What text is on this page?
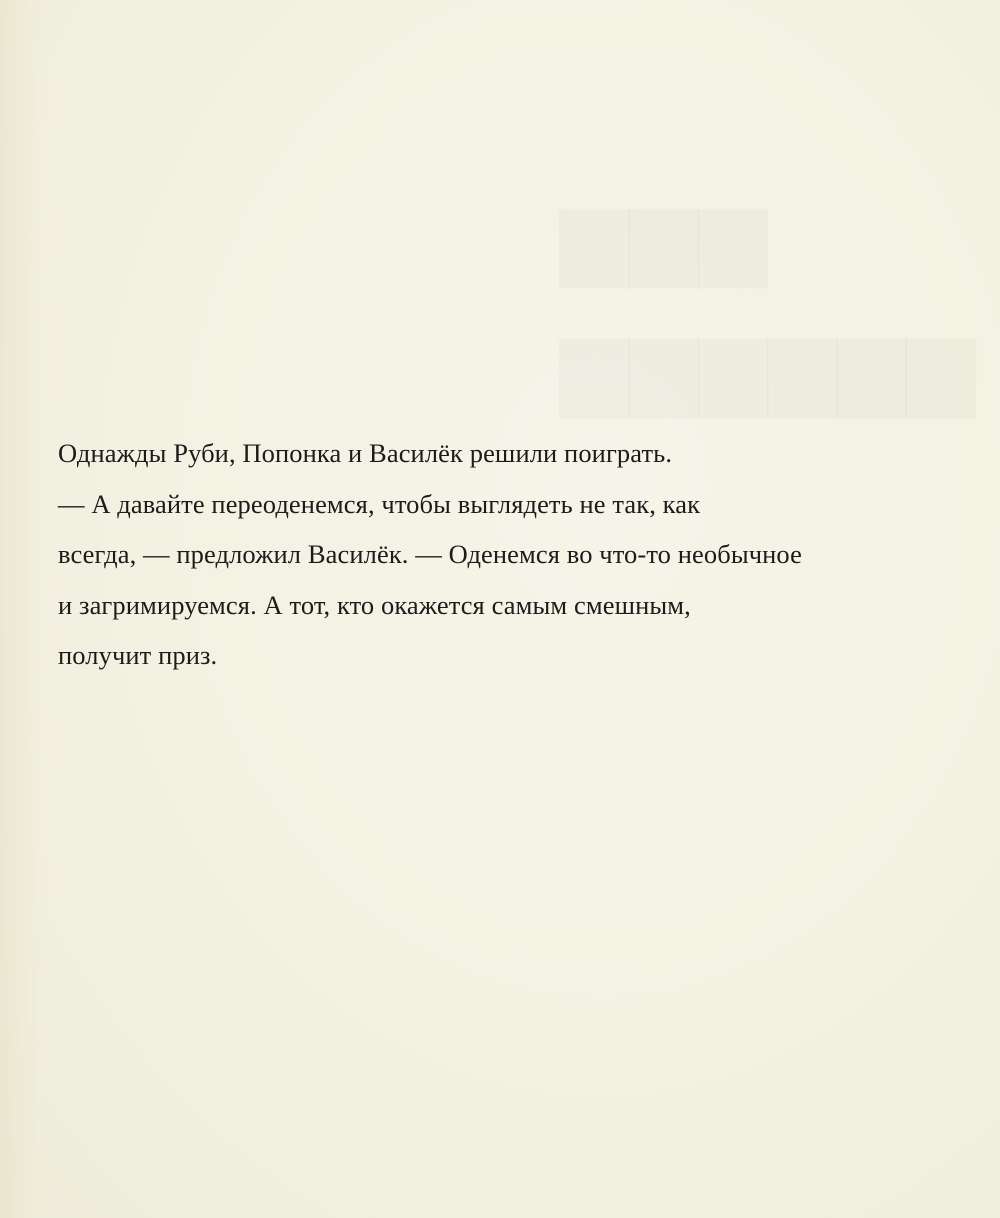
Однажды Руби, Попонка и Василёк решили поиграть.

— А давайте переоденемся, чтобы выглядеть не так, как

всегда, — предложил Василёк. — Оденемся во что-то необычное

и загримируемся. А тот, кто окажется самым смешным,

получит приз.
